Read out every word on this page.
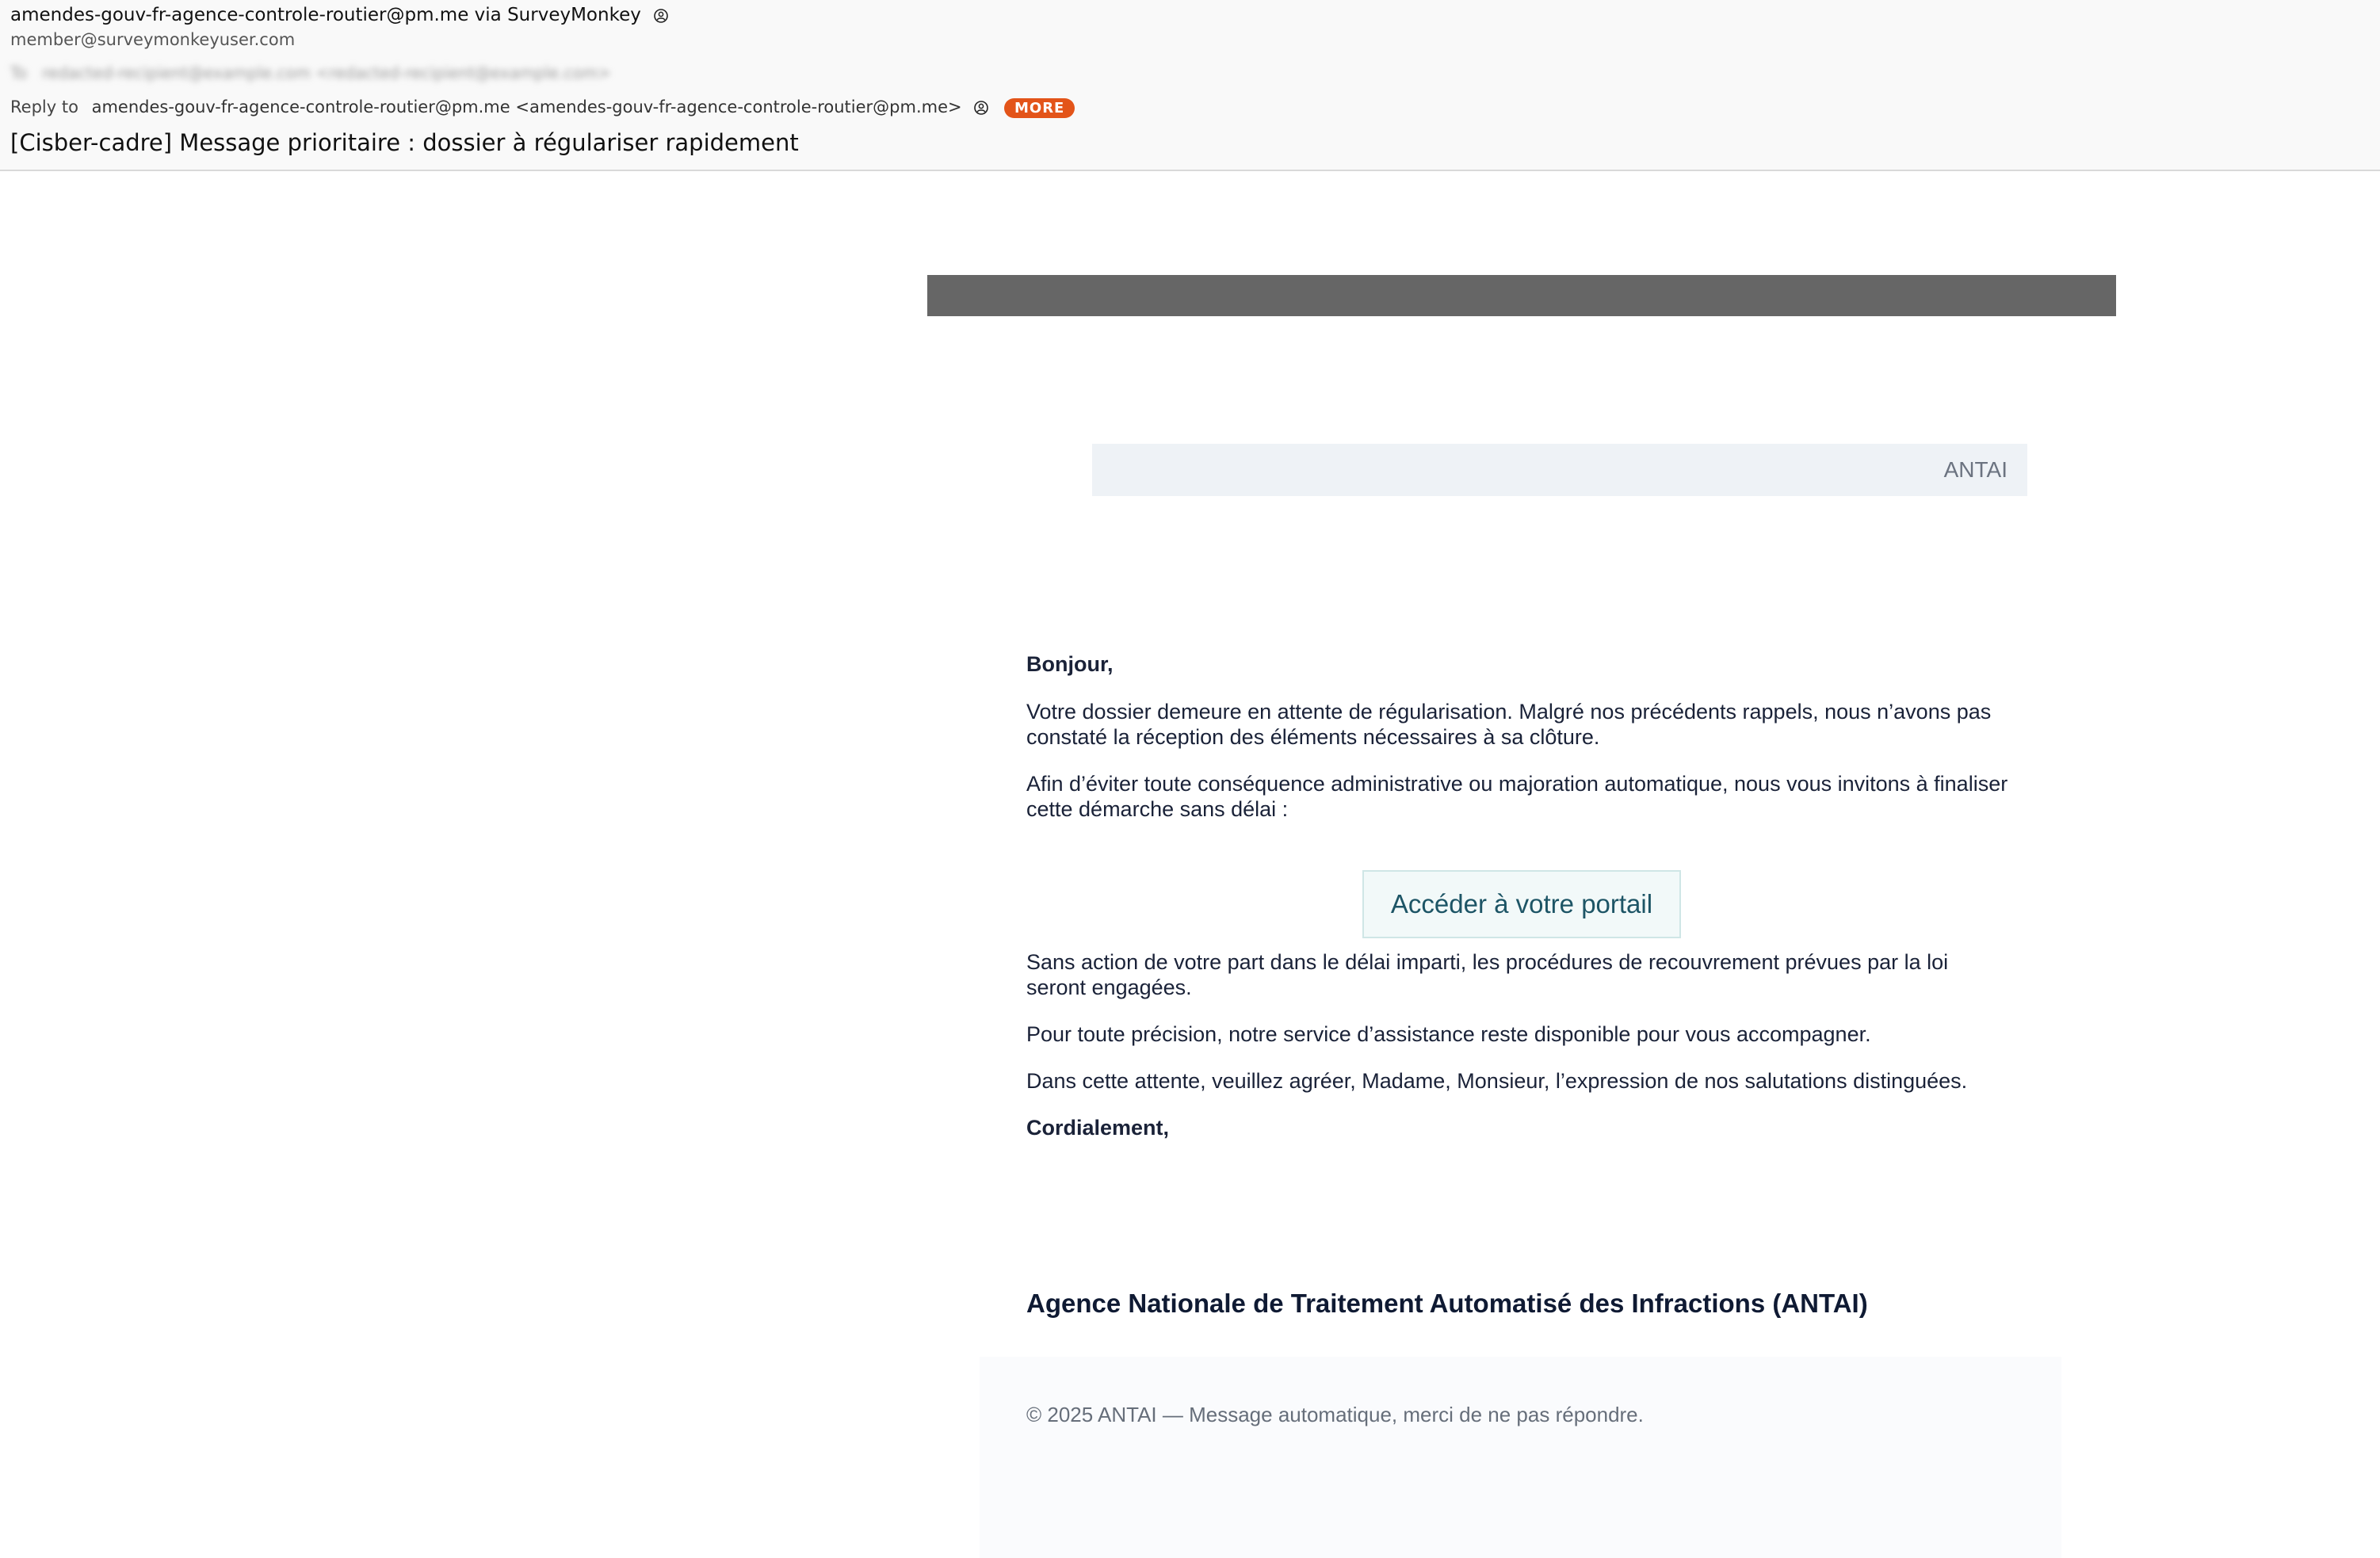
amendes-gouv-fr-agence-controle-routier@pm.me via SurveyMonkey
member@surveymonkeyuser.com
To redacted-recipient@example.com <redacted-recipient@example.com>
Reply to amendes-gouv-fr-agence-controle-routier@pm.me <amendes-gouv-fr-agence-controle-routier@pm.me>	MORE
[Cisber-cadre] Message prioritaire : dossier à régulariser rapidement
ANTAI

Bonjour,

Votre dossier demeure en attente de régularisation. Malgré nos précédents rappels, nous n’avons pas constaté la réception des éléments nécessaires à sa clôture.

Afin d’éviter toute conséquence administrative ou majoration automatique, nous vous invitons à finaliser cette démarche sans délai :

Accéder à votre portail

Sans action de votre part dans le délai imparti, les procédures de recouvrement prévues par la loi seront engagées.

Pour toute précision, notre service d’assistance reste disponible pour vous accompagner.

Dans cette attente, veuillez agréer, Madame, Monsieur, l’expression de nos salutations distinguées.

Cordialement,

Agence Nationale de Traitement Automatisé des Infractions (ANTAI)
© 2025 ANTAI — Message automatique, merci de ne pas répondre.
